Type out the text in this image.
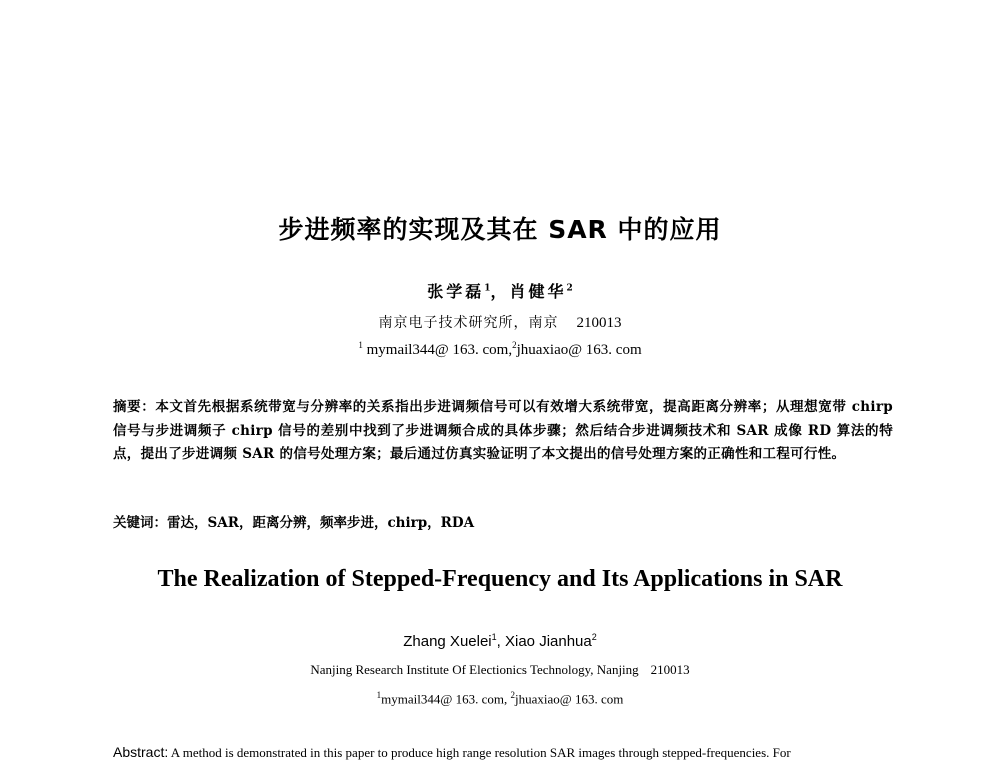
步进频率的实现及其在 SAR 中的应用
张学磊$^1$，肖健华$^2$
南京电子技术研究所，南京 210013
$^1$ mymail344@ 163. com,$^2$jhuaxiao@ 163. com
摘要：本文首先根据系统带宽与分辨率的关系指出步进调频信号可以有效增大系统带宽，提高距离分辨率；从理想宽带 chirp 信号与步进调频子 chirp 信号的差别中找到了步进调频合成的具体步骤；然后结合步进调频技术和 SAR 成像 RD 算法的特点，提出了步进调频 SAR 的信号处理方案；最后通过仿真实验证明了本文提出的信号处理方案的正确性和工程可行性。
关键词：雷达，SAR，距离分辨，频率步进，chirp，RDA
The Realization of Stepped-Frequency and Its Applications in SAR
Zhang Xuelei$^1$, Xiao Jianhua$^2$
Nanjing Research Institute Of Electionics Technology, Nanjing 210013
$^1$mymail344@ 163. com, $^2$jhuaxiao@ 163. com
Abstract: A method is demonstrated in this paper to produce high range resolution SAR images through stepped-frequencies. For
